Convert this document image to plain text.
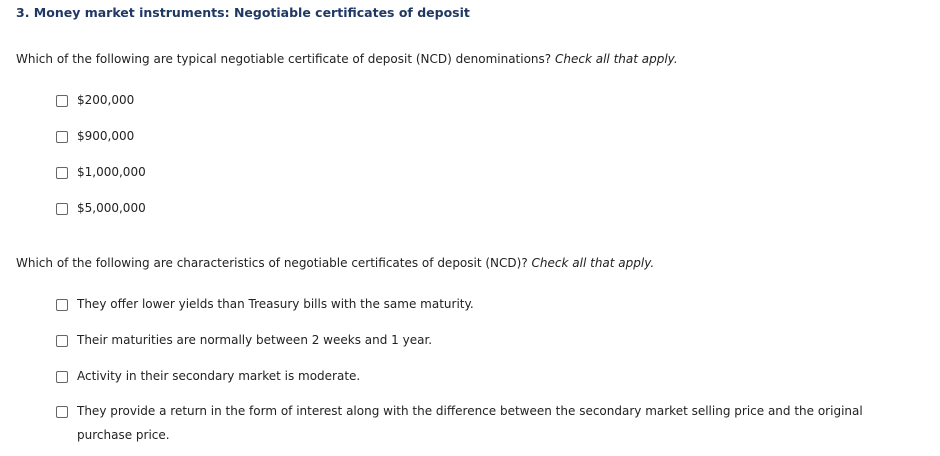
3. Money market instruments: Negotiable certificates of deposit
Which of the following are typical negotiable certificate of deposit (NCD) denominations? Check all that apply.
$200,000
$900,000
$1,000,000
$5,000,000
Which of the following are characteristics of negotiable certificates of deposit (NCD)? Check all that apply.
They offer lower yields than Treasury bills with the same maturity.
Their maturities are normally between 2 weeks and 1 year.
Activity in their secondary market is moderate.
They provide a return in the form of interest along with the difference between the secondary market selling price and the original purchase price.
